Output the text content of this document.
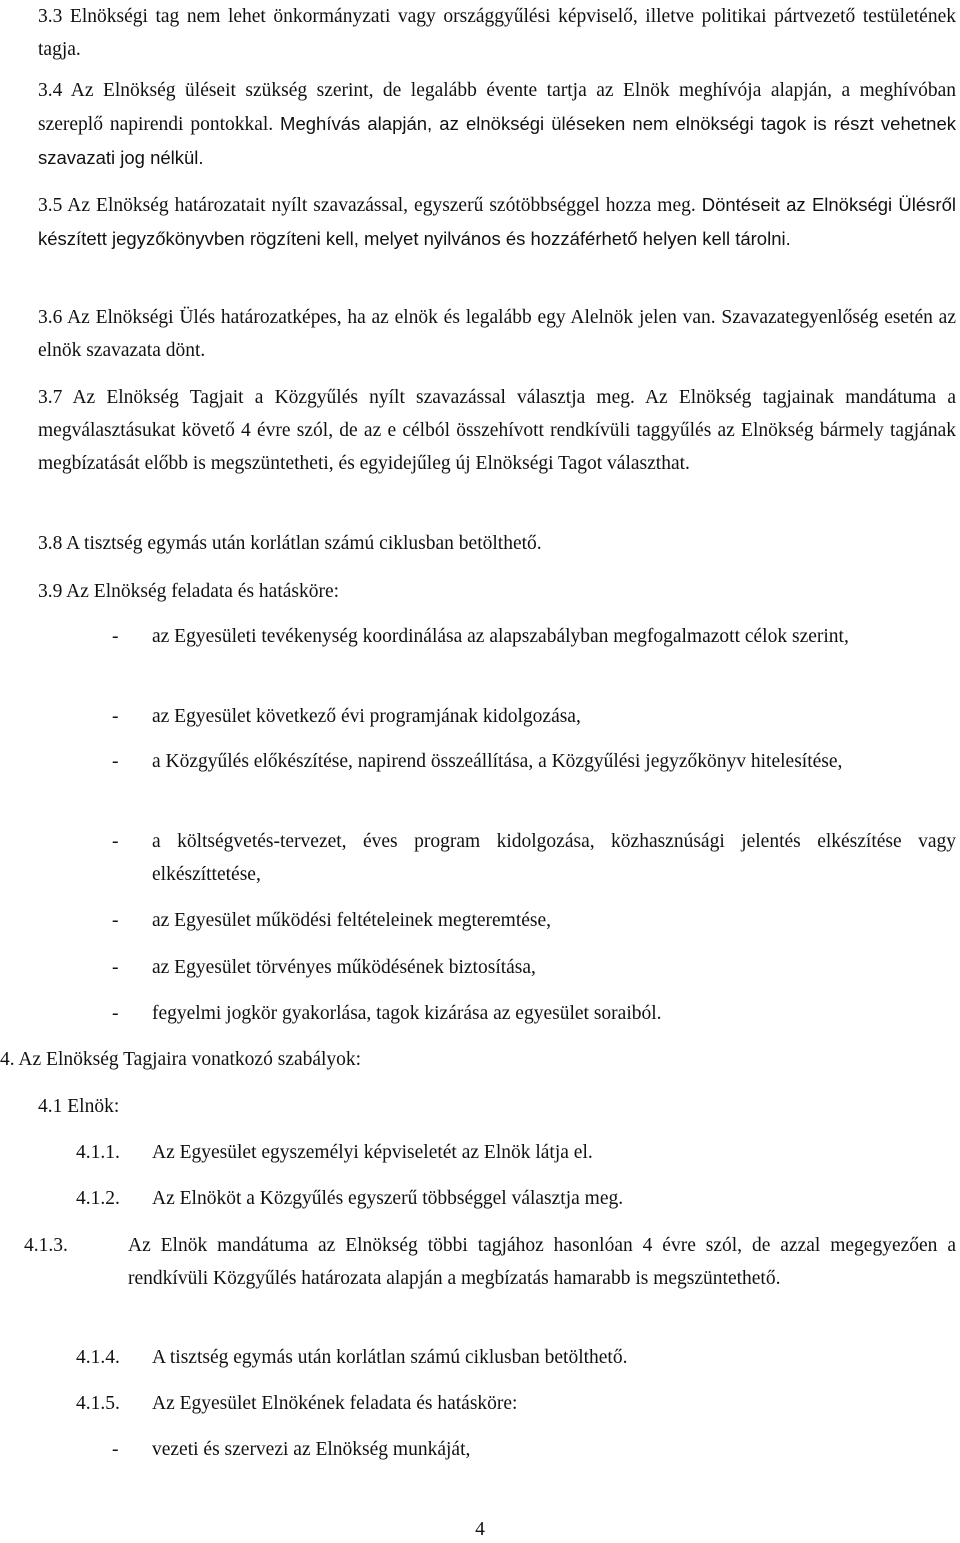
3.3 Elnökségi tag nem lehet önkormányzati vagy országgyűlési képviselő, illetve politikai pártvezető testületének tagja.

3.4 Az Elnökség üléseit szükség szerint, de legalább évente tartja az Elnök meghívója alapján, a meghívóban szereplő napirendi pontokkal. Meghívás alapján, az elnökségi üléseken nem elnökségi tagok is részt vehetnek szavazati jog nélkül.

3.5 Az Elnökség határozatait nyílt szavazással, egyszerű szótöbbséggel hozza meg. Döntéseit az Elnökségi Ülésről készített jegyzőkönyvben rögzíteni kell, melyet nyilvános és hozzáférhető helyen kell tárolni.

3.6 Az Elnökségi Ülés határozatképes, ha az elnök és legalább egy Alelnök jelen van. Szavazategyenlőség esetén az elnök szavazata dönt.

3.7 Az Elnökség Tagjait a Közgyűlés nyílt szavazással választja meg. Az Elnökség tagjainak mandátuma a megválasztásukat követő 4 évre szól, de az e célból összehívott rendkívüli taggyűlés az Elnökség bármely tagjának megbízatását előbb is megszüntetheti, és egyidejűleg új Elnökségi Tagot választhat.

3.8 A tisztség egymás után korlátlan számú ciklusban betölthető.

3.9 Az Elnökség feladata és hatásköre:

-	az Egyesületi tevékenység koordinálása az alapszabályban megfogalmazott célok szerint,
-	az Egyesület következő évi programjának kidolgozása,
-	a Közgyűlés előkészítése, napirend összeállítása, a Közgyűlési jegyzőkönyv hitelesítése,
-	a költségvetés-tervezet, éves program kidolgozása, közhasznúsági jelentés elkészítése vagy elkészíttetése,
-	az Egyesület működési feltételeinek megteremtése,
-	az Egyesület törvényes működésének biztosítása,
-	fegyelmi jogkör gyakorlása, tagok kizárása az egyesület soraiból.

4. Az Elnökség Tagjaira vonatkozó szabályok:

4.1 Elnök:

4.1.1.	Az Egyesület egyszemélyi képviseletét az Elnök látja el.
4.1.2.	Az Elnököt a Közgyűlés egyszerű többséggel választja meg.
4.1.3.	Az Elnök mandátuma az Elnökség többi tagjához hasonlóan 4 évre szól, de azzal megegyezően a rendkívüli Közgyűlés határozata alapján a megbízatás hamarabb is megszüntethető.
4.1.4.	A tisztség egymás után korlátlan számú ciklusban betölthető.
4.1.5.	Az Egyesület Elnökének feladata és hatásköre:
-	vezeti és szervezi az Elnökség munkáját,
4
